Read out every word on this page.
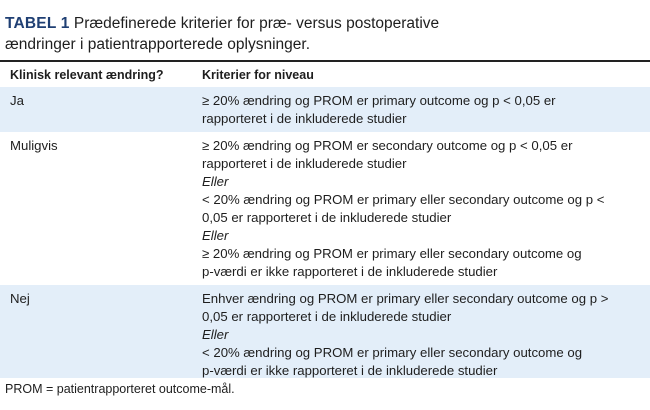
TABEL 1 Prædefinerede kriterier for præ- versus postoperative
ændringer i patientrapporterede oplysninger.
Klinisk relevant ændring?	Kriterier for niveau
Ja	≥ 20% ændring og PROM er primary outcome og p < 0,05 er
rapporteret i de inkluderede studier
Muligvis	≥ 20% ændring og PROM er secondary outcome og p < 0,05 er
rapporteret i de inkluderede studier
Eller
< 20% ændring og PROM er primary eller secondary outcome og p <
0,05 er rapporteret i de inkluderede studier
Eller
≥ 20% ændring og PROM er primary eller secondary outcome og
p-værdi er ikke rapporteret i de inkluderede studier
Nej	Enhver ændring og PROM er primary eller secondary outcome og p >
0,05 er rapporteret i de inkluderede studier
Eller
< 20% ændring og PROM er primary eller secondary outcome og
p-værdi er ikke rapporteret i de inkluderede studier
PROM = patientrapporteret outcome-mål.
